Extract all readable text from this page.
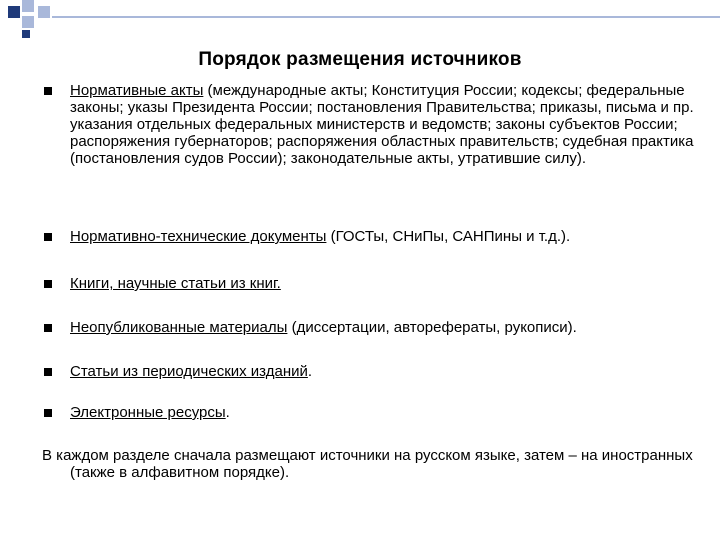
Порядок размещения источников
Нормативные акты (международные акты; Конституция России; кодексы; федеральные законы; указы Президента России; постановления Правительства; приказы, письма и пр. указания отдельных федеральных министерств и ведомств; законы субъектов России; распоряжения губернаторов; распоряжения областных правительств; судебная практика (постановления судов России); законодательные акты, утратившие силу).
Нормативно-технические документы (ГОСТы, СНиПы, САНПины и т.д.).
Книги, научные статьи из книг.
Неопубликованные материалы (диссертации, авторефераты, рукописи).
Статьи из периодических изданий.
Электронные ресурсы.
В каждом разделе сначала размещают источники на русском языке, затем – на иностранных (также в алфавитном порядке).
